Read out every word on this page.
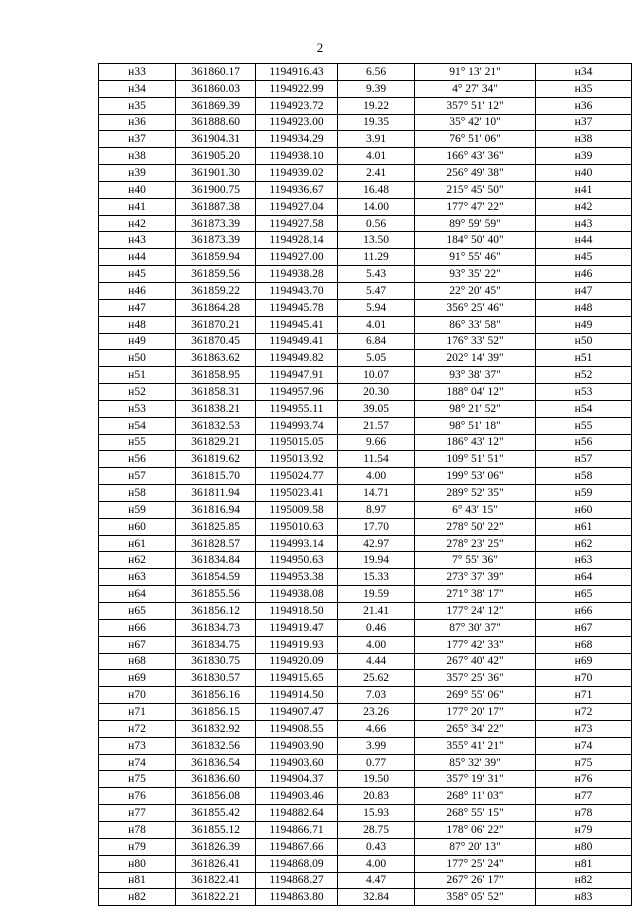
2
н33	361860.17	1194916.43	6.56	91° 13' 21"	н34
н34	361860.03	1194922.99	9.39	4° 27' 34"	н35
н35	361869.39	1194923.72	19.22	357° 51' 12"	н36
н36	361888.60	1194923.00	19.35	35° 42' 10"	н37
н37	361904.31	1194934.29	3.91	76° 51' 06"	н38
н38	361905.20	1194938.10	4.01	166° 43' 36"	н39
н39	361901.30	1194939.02	2.41	256° 49' 38"	н40
н40	361900.75	1194936.67	16.48	215° 45' 50"	н41
н41	361887.38	1194927.04	14.00	177° 47' 22"	н42
н42	361873.39	1194927.58	0.56	89° 59' 59"	н43
н43	361873.39	1194928.14	13.50	184° 50' 40"	н44
н44	361859.94	1194927.00	11.29	91° 55' 46"	н45
н45	361859.56	1194938.28	5.43	93° 35' 22"	н46
н46	361859.22	1194943.70	5.47	22° 20' 45"	н47
н47	361864.28	1194945.78	5.94	356° 25' 46"	н48
н48	361870.21	1194945.41	4.01	86° 33' 58"	н49
н49	361870.45	1194949.41	6.84	176° 33' 52"	н50
н50	361863.62	1194949.82	5.05	202° 14' 39"	н51
н51	361858.95	1194947.91	10.07	93° 38' 37"	н52
н52	361858.31	1194957.96	20.30	188° 04' 12"	н53
н53	361838.21	1194955.11	39.05	98° 21' 52"	н54
н54	361832.53	1194993.74	21.57	98° 51' 18"	н55
н55	361829.21	1195015.05	9.66	186° 43' 12"	н56
н56	361819.62	1195013.92	11.54	109° 51' 51"	н57
н57	361815.70	1195024.77	4.00	199° 53' 06"	н58
н58	361811.94	1195023.41	14.71	289° 52' 35"	н59
н59	361816.94	1195009.58	8.97	6° 43' 15"	н60
н60	361825.85	1195010.63	17.70	278° 50' 22"	н61
н61	361828.57	1194993.14	42.97	278° 23' 25"	н62
н62	361834.84	1194950.63	19.94	7° 55' 36"	н63
н63	361854.59	1194953.38	15.33	273° 37' 39"	н64
н64	361855.56	1194938.08	19.59	271° 38' 17"	н65
н65	361856.12	1194918.50	21.41	177° 24' 12"	н66
н66	361834.73	1194919.47	0.46	87° 30' 37"	н67
н67	361834.75	1194919.93	4.00	177° 42' 33"	н68
н68	361830.75	1194920.09	4.44	267° 40' 42"	н69
н69	361830.57	1194915.65	25.62	357° 25' 36"	н70
н70	361856.16	1194914.50	7.03	269° 55' 06"	н71
н71	361856.15	1194907.47	23.26	177° 20' 17"	н72
н72	361832.92	1194908.55	4.66	265° 34' 22"	н73
н73	361832.56	1194903.90	3.99	355° 41' 21"	н74
н74	361836.54	1194903.60	0.77	85° 32' 39"	н75
н75	361836.60	1194904.37	19.50	357° 19' 31"	н76
н76	361856.08	1194903.46	20.83	268° 11' 03"	н77
н77	361855.42	1194882.64	15.93	268° 55' 15"	н78
н78	361855.12	1194866.71	28.75	178° 06' 22"	н79
н79	361826.39	1194867.66	0.43	87° 20' 13"	н80
н80	361826.41	1194868.09	4.00	177° 25' 24"	н81
н81	361822.41	1194868.27	4.47	267° 26' 17"	н82
н82	361822.21	1194863.80	32.84	358° 05' 52"	н83
